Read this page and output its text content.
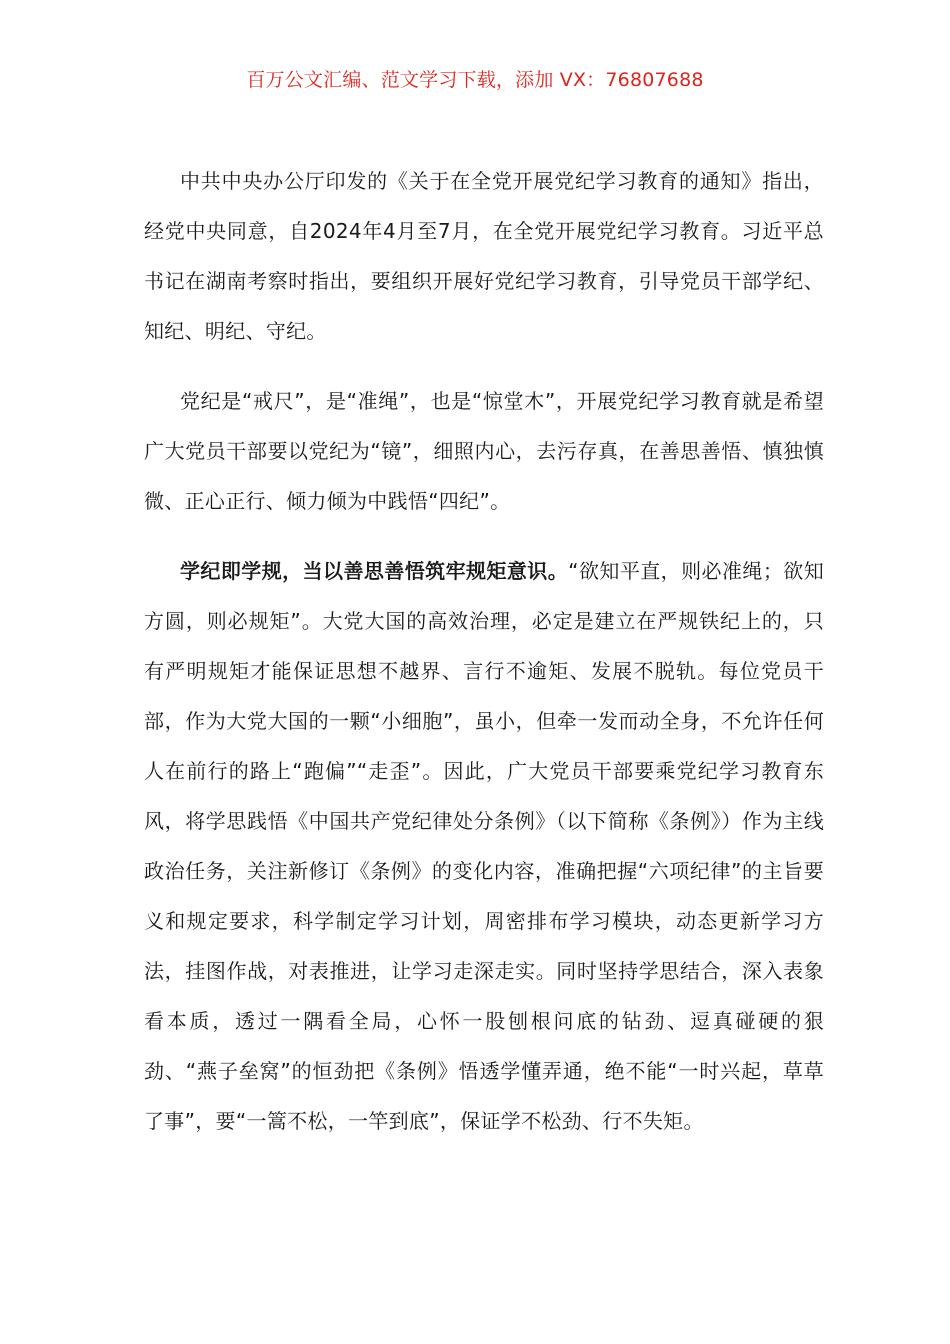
百万公文汇编、范文学习下载，添加 VX：76807688

中共中央办公厅印发的《关于在全党开展党纪学习教育的通知》指出，经党中央同意，自2024年4月至7月，在全党开展党纪学习教育。习近平总书记在湖南考察时指出，要组织开展好党纪学习教育，引导党员干部学纪、知纪、明纪、守纪。

党纪是“戒尺”，是“准绳”，也是“惊堂木”，开展党纪学习教育就是希望广大党员干部要以党纪为“镜”，细照内心，去污存真，在善思善悟、慎独慎微、正心正行、倾力倾为中践悟“四纪”。

学纪即学规，当以善思善悟筑牢规矩意识。“欲知平直，则必准绳；欲知方圆，则必规矩”。大党大国的高效治理，必定是建立在严规铁纪上的，只有严明规矩才能保证思想不越界、言行不逾矩、发展不脱轨。每位党员干部，作为大党大国的一颗“小细胞”，虽小，但牵一发而动全身，不允许任何人在前行的路上“跑偏”“走歪”。因此，广大党员干部要乘党纪学习教育东风，将学思践悟《中国共产党纪律处分条例》（以下简称《条例》）作为主线政治任务，关注新修订《条例》的变化内容，准确把握“六项纪律”的主旨要义和规定要求，科学制定学习计划，周密排布学习模块，动态更新学习方法，挂图作战，对表推进，让学习走深走实。同时坚持学思结合，深入表象看本质，透过一隅看全局，心怀一股刨根问底的钻劲、逗真碰硬的狠劲、“燕子垒窝”的恒劲把《条例》悟透学懂弄通，绝不能“一时兴起，草草了事”，要“一篙不松，一竿到底”，保证学不松劲、行不失矩。
